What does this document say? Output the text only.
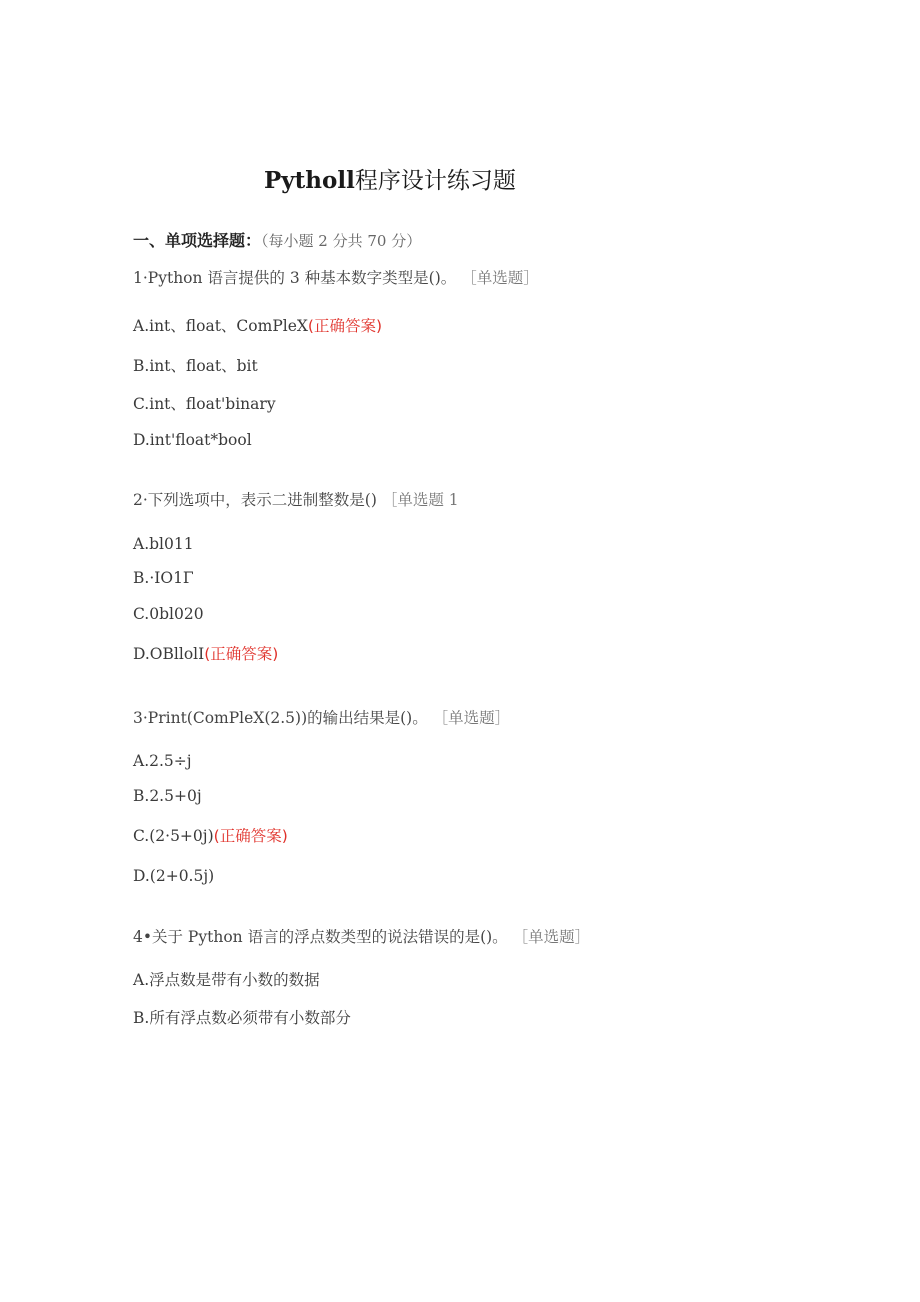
Pytholl程序设计练习题
一、单项选择题：（每小题 2 分共 70 分）
1·Python 语言提供的 3 种基本数字类型是()。 ［单选题］
A.int、float、ComPleX(正确答案)
B.int、float、bit
C.int、float'binary
D.int'float*bool
2·下列选项中，表示二进制整数是() ［单选题 1
A.bl011
B.·IO1Γ
C.0bl020
D.OBllolI(正确答案)
3·Print(ComPleX(2.5))的输出结果是()。 ［单选题］
A.2.5÷j
B.2.5+0j
C.(2·5+0j)(正确答案)
D.(2+0.5j)
4•关于 Python 语言的浮点数类型的说法错误的是()。 ［单选题］
A.浮点数是带有小数的数据
B.所有浮点数必须带有小数部分
